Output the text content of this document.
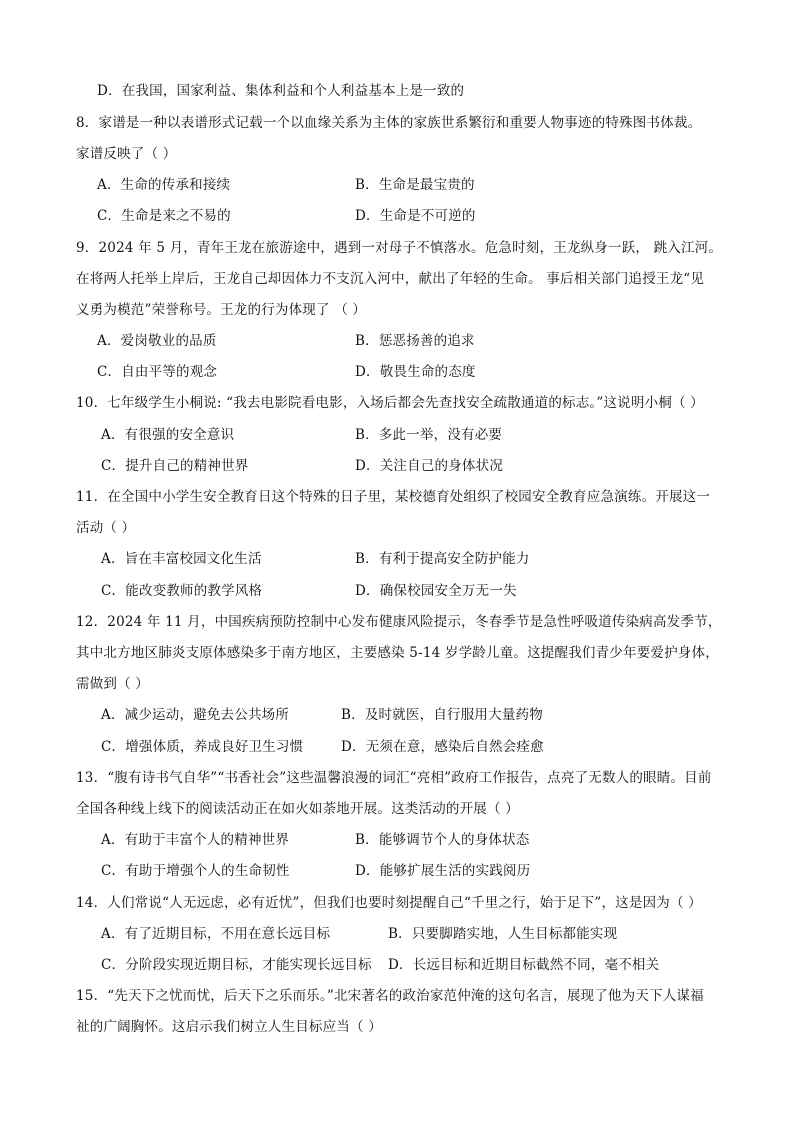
D．在我国，国家利益、集体利益和个人利益基本上是一致的
8．家谱是一种以表谱形式记载一个以血缘关系为主体的家族世系繁衍和重要人物事迹的特殊图书体裁。
家谱反映了（ ）
A．生命的传承和接续	B．生命是最宝贵的
C．生命是来之不易的	D．生命是不可逆的
9．2024 年 5 月，青年王龙在旅游途中，遇到一对母子不慎落水。危急时刻，王龙纵身一跃， 跳入江河。
在将两人托举上岸后，王龙自己却因体力不支沉入河中，献出了年轻的生命。 事后相关部门追授王龙“见
义勇为模范”荣誉称号。王龙的行为体现了 （ ）
A．爱岗敬业的品质	B．惩恶扬善的追求
C．自由平等的观念	D．敬畏生命的态度
10．七年级学生小桐说: “我去电影院看电影，入场后都会先查找安全疏散通道的标志。”这说明小桐（ ）
A．有很强的安全意识	B．多此一举，没有必要
C．提升自己的精神世界	D．关注自己的身体状况
11．在全国中小学生安全教育日这个特殊的日子里，某校德育处组织了校园安全教育应急演练。开展这一
活动（ ）
A．旨在丰富校园文化生活	B．有利于提高安全防护能力
C．能改变教师的教学风格	D．确保校园安全万无一失
12．2024 年 11 月，中国疾病预防控制中心发布健康风险提示，冬春季节是急性呼吸道传染病高发季节，
其中北方地区肺炎支原体感染多于南方地区，主要感染 5-14 岁学龄儿童。这提醒我们青少年要爱护身体，
需做到（ ）
A．减少运动，避免去公共场所	B．及时就医，自行服用大量药物
C．增强体质，养成良好卫生习惯	D．无须在意，感染后自然会痊愈
13．“腹有诗书气自华”“书香社会”这些温馨浪漫的词汇“亮相”政府工作报告，点亮了无数人的眼睛。目前
全国各种线上线下的阅读活动正在如火如荼地开展。这类活动的开展（ ）
A．有助于丰富个人的精神世界	B．能够调节个人的身体状态
C．有助于增强个人的生命韧性	D．能够扩展生活的实践阅历
14．人们常说“人无远虑，必有近忧”，但我们也要时刻提醒自己“千里之行，始于足下”，这是因为（ ）
A．有了近期目标，不用在意长远目标	B．只要脚踏实地，人生目标都能实现
C．分阶段实现近期目标，才能实现长远目标 D．长远目标和近期目标截然不同，毫不相关
15．“先天下之忧而忧，后天下之乐而乐。”北宋著名的政治家范仲淹的这句名言，展现了他为天下人谋福
祉的广阔胸怀。这启示我们树立人生目标应当（ ）
